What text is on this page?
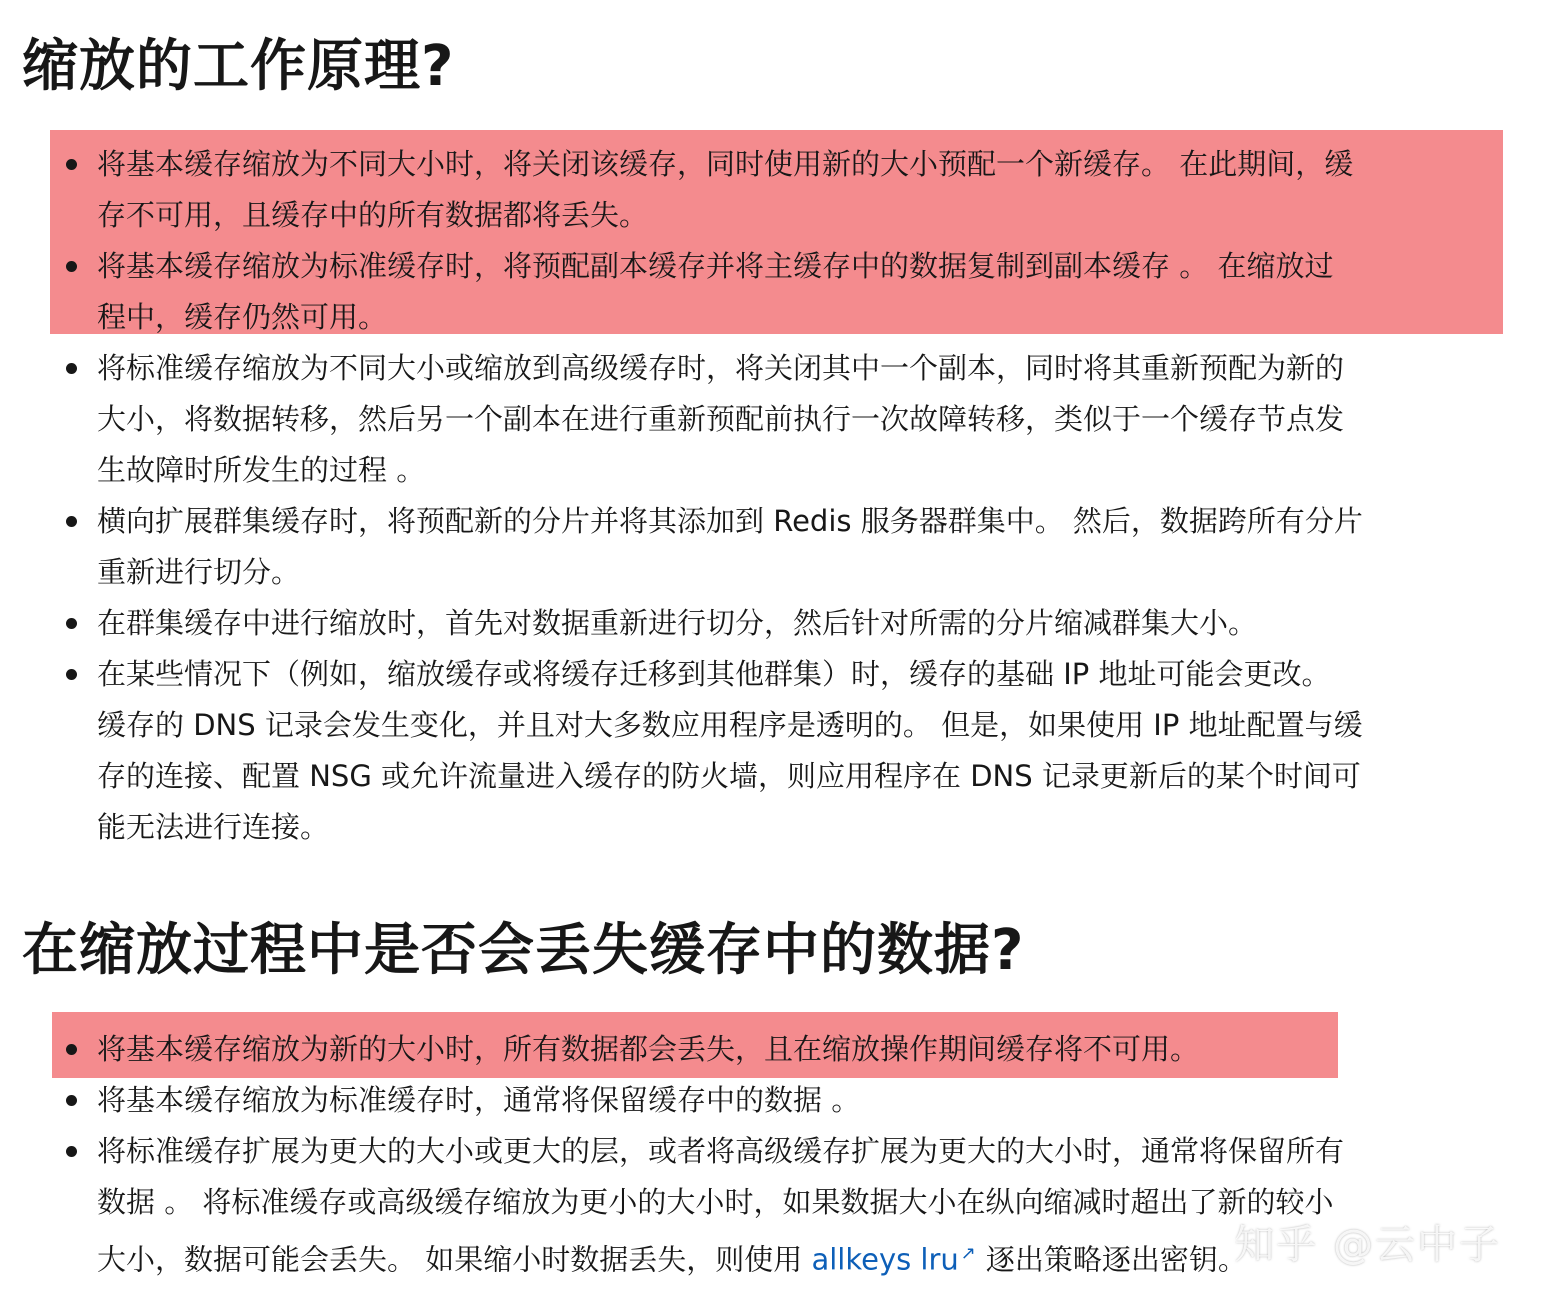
缩放的工作原理?
将基本缓存缩放为不同大小时，将关闭该缓存，同时使用新的大小预配一个新缓存。 在此期间，缓
存不可用，且缓存中的所有数据都将丢失。
将基本缓存缩放为标准缓存时，将预配副本缓存并将主缓存中的数据复制到副本缓存 。 在缩放过
程中，缓存仍然可用。
将标准缓存缩放为不同大小或缩放到高级缓存时，将关闭其中一个副本，同时将其重新预配为新的
大小，将数据转移，然后另一个副本在进行重新预配前执行一次故障转移，类似于一个缓存节点发
生故障时所发生的过程 。
横向扩展群集缓存时，将预配新的分片并将其添加到 Redis 服务器群集中。 然后，数据跨所有分片
重新进行切分。
在群集缓存中进行缩放时，首先对数据重新进行切分，然后针对所需的分片缩减群集大小。
在某些情况下（例如，缩放缓存或将缓存迁移到其他群集）时，缓存的基础 IP 地址可能会更改。
缓存的 DNS 记录会发生变化，并且对大多数应用程序是透明的。 但是，如果使用 IP 地址配置与缓
存的连接、配置 NSG 或允许流量进入缓存的防火墙，则应用程序在 DNS 记录更新后的某个时间可
能无法进行连接。
在缩放过程中是否会丢失缓存中的数据?
将基本缓存缩放为新的大小时，所有数据都会丢失，且在缩放操作期间缓存将不可用。
将基本缓存缩放为标准缓存时，通常将保留缓存中的数据 。
将标准缓存扩展为更大的大小或更大的层，或者将高级缓存扩展为更大的大小时，通常将保留所有
数据 。 将标准缓存或高级缓存缩放为更小的大小时，如果数据大小在纵向缩减时超出了新的较小
大小，数据可能会丢失。 如果缩小时数据丢失，则使用 allkeys lru ↗ 逐出策略逐出密钥。
知乎 @云中子
